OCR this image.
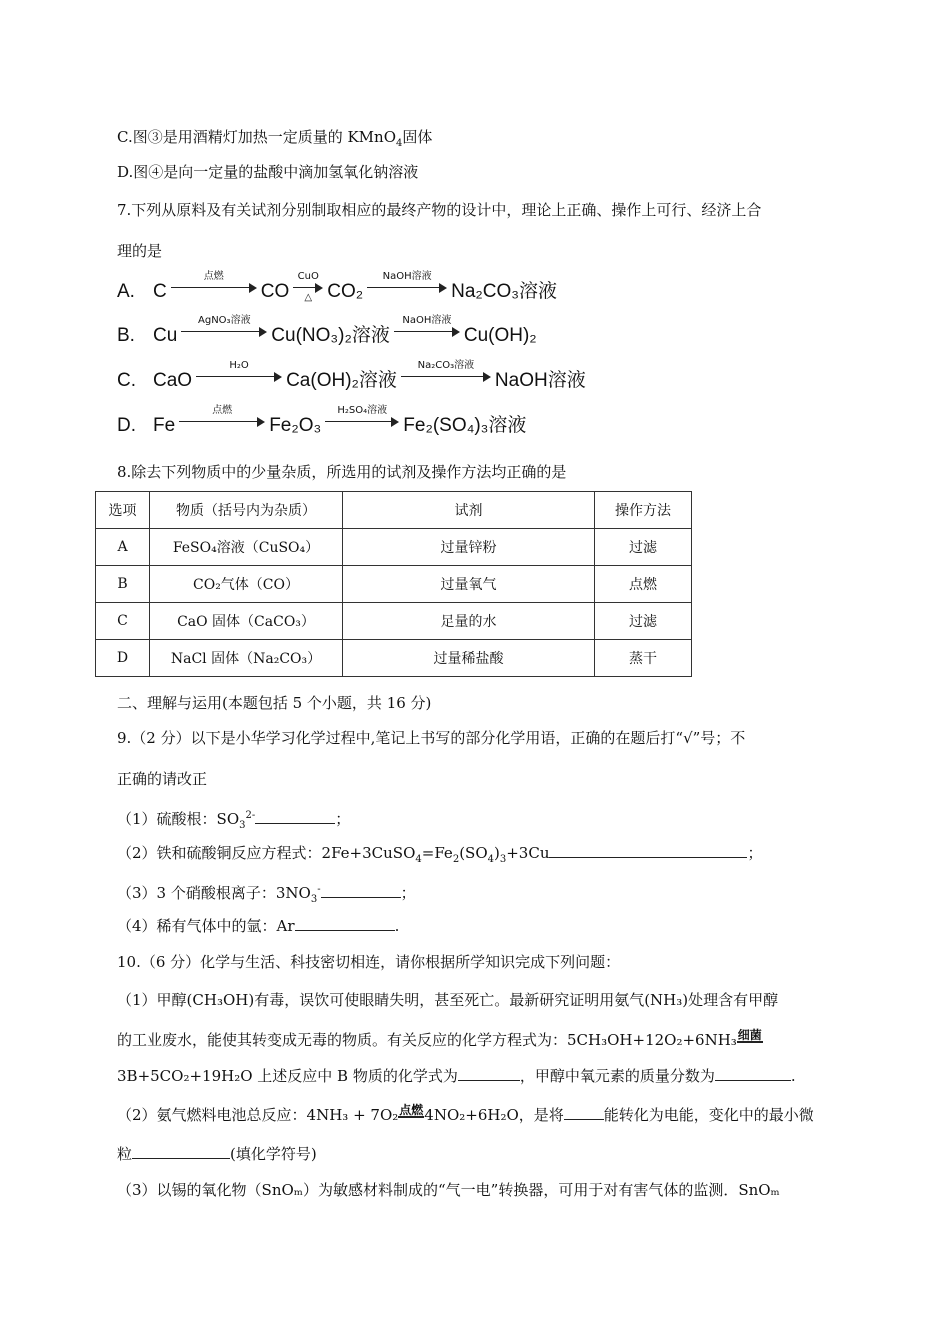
C.图③是用酒精灯加热一定质量的 KMnO$_4$固体
D.图④是向一定量的盐酸中滴加氢氧化钠溶液
7.下列从原料及有关试剂分别制取相应的最终产物的设计中，理论上正确、操作上可行、经济上合
理的是
A. C
点燃
CO
CuO
△ CO₂
NaOH溶液
Na₂CO₃溶液
B. Cu
AgNO₃溶液
Cu(NO₃)₂溶液
NaOH溶液
Cu(OH)₂
C. CaO
H₂O
Ca(OH)₂溶液
Na₂CO₃溶液
NaOH溶液
D. Fe
点燃
Fe₂O₃
H₂SO₄溶液
Fe₂(SO₄)₃溶液
8.除去下列物质中的少量杂质，所选用的试剂及操作方法均正确的是
选项	物质（括号内为杂质）	试剂	操作方法
A	FeSO₄溶液（CuSO₄）	过量锌粉	过滤
B	CO₂气体（CO）	过量氧气	点燃
C	CaO 固体（CaCO₃）	足量的水	过滤
D	NaCl 固体（Na₂CO₃）	过量稀盐酸	蒸干
二、理解与运用(本题包括 5 个小题，共 16 分)
9.（2 分）以下是小华学习化学过程中,笔记上书写的部分化学用语，正确的在题后打“√”号；不
正确的请改正
（1）硫酸根：$SO_3^{2-}$	；
（2）铁和硫酸铜反应方程式：$2Fe+3CuSO_4=Fe_2(SO_4)_3+3Cu$	；
（3）3 个硝酸根离子：$3NO_3^-$	；
（4）稀有气体中的氩：Ar	.
10.（6 分）化学与生活、科技密切相连，请你根据所学知识完成下列问题：
（1）甲醇(CH₃OH)有毒，误饮可使眼睛失明，甚至死亡。最新研究证明用氨气(NH₃)处理含有甲醇
的工业废水，能使其转变成无毒的物质。有关反应的化学方程式为：5CH₃OH+12O₂+6NH₃细菌
3B+5CO₂+19H₂O 上述反应中 B 物质的化学式为	，甲醇中氧元素的质量分数为	.
（2）氨气燃料电池总反应：4NH₃ + 7O₂点燃4NO₂+6H₂O，是将	能转化为电能，变化中的最小微
粒	(填化学符号)
（3）以锡的氧化物（SnOₘ）为敏感材料制成的“气一电”转换器，可用于对有害气体的监测．SnOₘ
